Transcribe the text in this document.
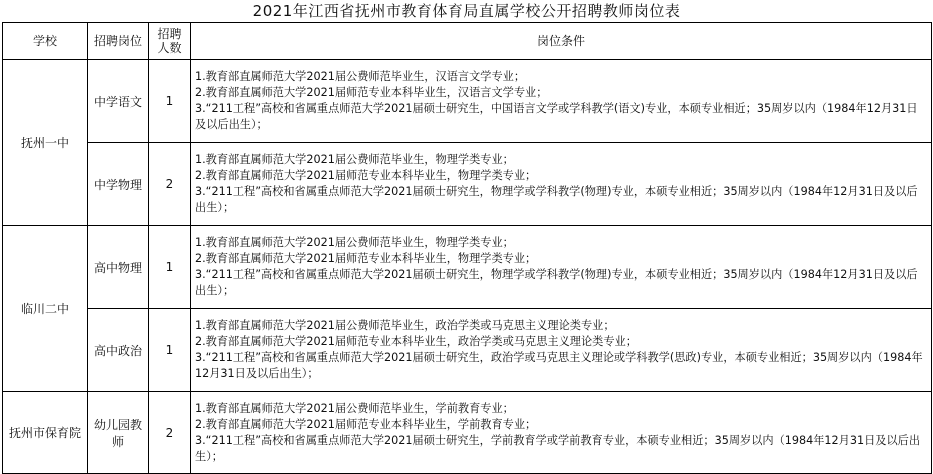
2021年江西省抚州市教育体育局直属学校公开招聘教师岗位表
学校	招聘岗位	招聘人数	岗位条件
抚州一中	中学语文	1	1.教育部直属师范大学2021届公费师范毕业生，汉语言文学专业；
2.教育部直属师范大学2021届师范专业本科毕业生，汉语言文学专业；
3.“211工程”高校和省属重点师范大学2021届硕士研究生，中国语言文学或学科教学(语文)专业，本硕专业相近；35周岁以内（1984年12月31日及以后出生）；

	中学物理	2	1.教育部直属师范大学2021届公费师范毕业生，物理学类专业；
2.教育部直属师范大学2021届师范专业本科毕业生，物理学类专业；
3.“211工程”高校和省属重点师范大学2021届硕士研究生，物理学或学科教学(物理)专业，本硕专业相近；35周岁以内（1984年12月31日及以后出生）；

临川二中	高中物理	1	1.教育部直属师范大学2021届公费师范毕业生，物理学类专业；
2.教育部直属师范大学2021届师范专业本科毕业生，物理学类专业；
3.“211工程”高校和省属重点师范大学2021届硕士研究生，物理学或学科教学(物理)专业，本硕专业相近；35周岁以内（1984年12月31日及以后出生）；

	高中政治	1	1.教育部直属师范大学2021届公费师范毕业生，政治学类或马克思主义理论类专业；
2.教育部直属师范大学2021届师范专业本科毕业生，政治学类或马克思主义理论类专业；
3.“211工程”高校和省属重点师范大学2021届硕士研究生，政治学或马克思主义理论或学科教学(思政)专业，本硕专业相近；35周岁以内（1984年12月31日及以后出生）；

抚州市保育院	幼儿园教师	2	1.教育部直属师范大学2021届公费师范毕业生，学前教育专业；
2.教育部直属师范大学2021届师范专业本科毕业生，学前教育专业；
3.“211工程”高校和省属重点师范大学2021届硕士研究生，学前教育学或学前教育专业，本硕专业相近；35周岁以内（1984年12月31日及以后出生）；
